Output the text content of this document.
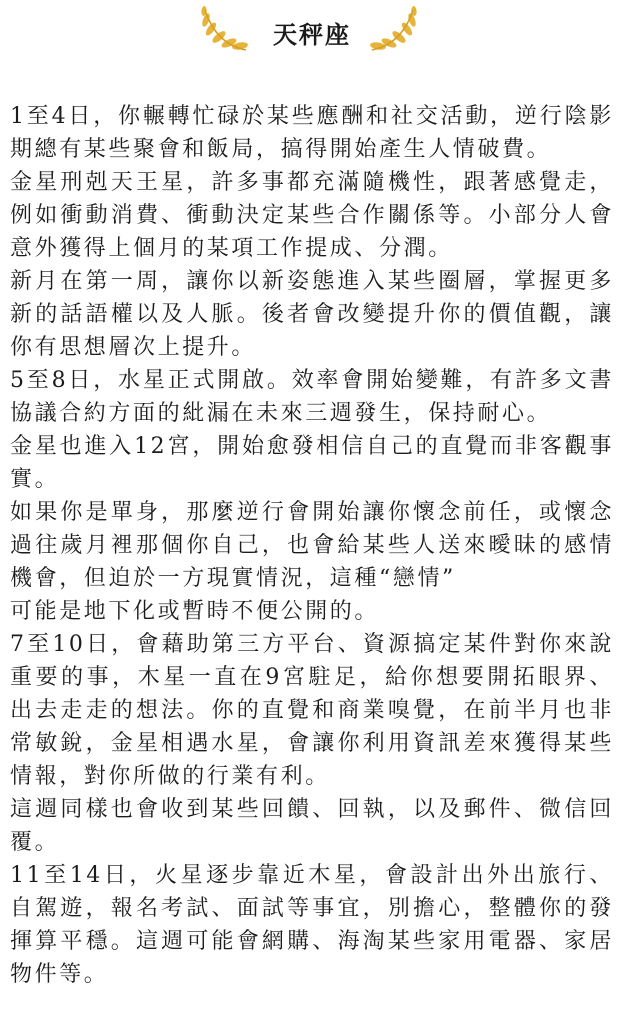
天秤座

1至4日，你輾轉忙碌於某些應酬和社交活動，逆行陰影期總有某些聚會和飯局，搞得開始產生人情破費。

金星刑剋天王星，許多事都充滿隨機性，跟著感覺走，例如衝動消費、衝動決定某些合作關係等。小部分人會意外獲得上個月的某項工作提成、分潤。

新月在第一周，讓你以新姿態進入某些圈層，掌握更多新的話語權以及人脈。後者會改變提升你的價值觀，讓你有思想層次上提升。

5至8日，水星正式開啟。效率會開始變難，有許多文書協議合約方面的紕漏在未來三週發生，保持耐心。

金星也進入12宮，開始愈發相信自己的直覺而非客觀事實。

如果你是單身，那麼逆行會開始讓你懷念前任，或懷念過往歲月裡那個你自己，也會給某些人送來曖昧的感情機會，但迫於一方現實情況，這種“戀情”

可能是地下化或暫時不便公開的。

7至10日，會藉助第三方平台、資源搞定某件對你來說重要的事，木星一直在9宮駐足，給你想要開拓眼界、出去走走的想法。你的直覺和商業嗅覺，在前半月也非常敏銳，金星相遇水星，會讓你利用資訊差來獲得某些情報，對你所做的行業有利。

這週同樣也會收到某些回饋、回執，以及郵件、微信回覆。

11至14日，火星逐步靠近木星，會設計出外出旅行、自駕遊，報名考試、面試等事宜，別擔心，整體你的發揮算平穩。這週可能會網購、海淘某些家用電器、家居物件等。
